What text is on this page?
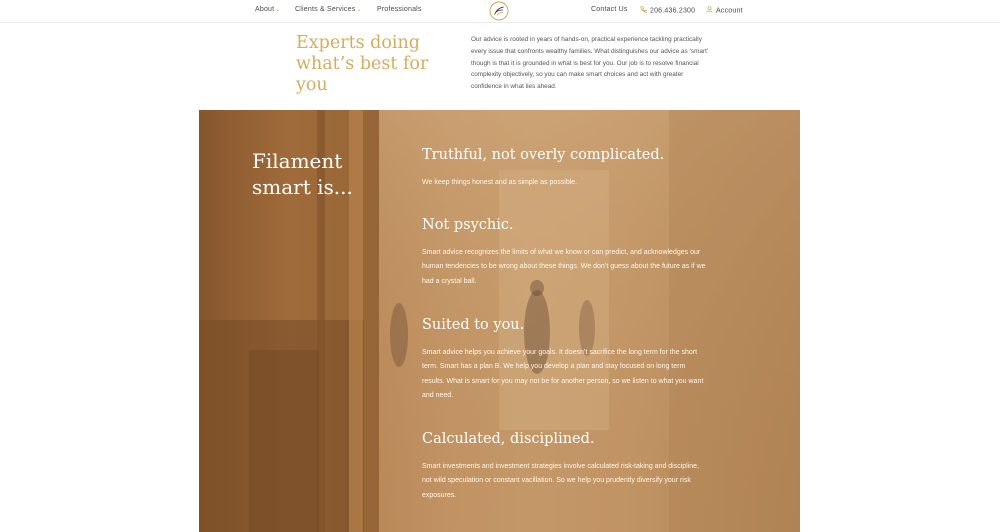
About⌄ Clients & Services⌄ Professionals	Contact Us	206.436.2300	Account
Experts doing what’s best for you

Our advice is rooted in years of hands-on, practical experience tackling practically every issue that confronts wealthy families. What distinguishes our advice as ‘smart’ though is that it is grounded in what is best for you. Our job is to resolve financial complexity objectively, so you can make smart choices and act with greater confidence in what lies ahead.

Filament smart is...
Truthful, not overly complicated.

We keep things honest and as simple as possible.

Not psychic.

Smart advice recognizes the limits of what we know or can predict, and acknowledges our human tendencies to be wrong about these things. We don’t guess about the future as if we had a crystal ball.

Suited to you.

Smart advice helps you achieve your goals. It doesn’t sacrifice the long term for the short term. Smart has a plan B. We help you develop a plan and stay focused on long term results. What is smart for you may not be for another person, so we listen to what you want and need.

Calculated, disciplined.

Smart investments and investment strategies involve calculated risk-taking and discipline, not wild speculation or constant vacillation. So we help you prudently diversify your risk exposures.
